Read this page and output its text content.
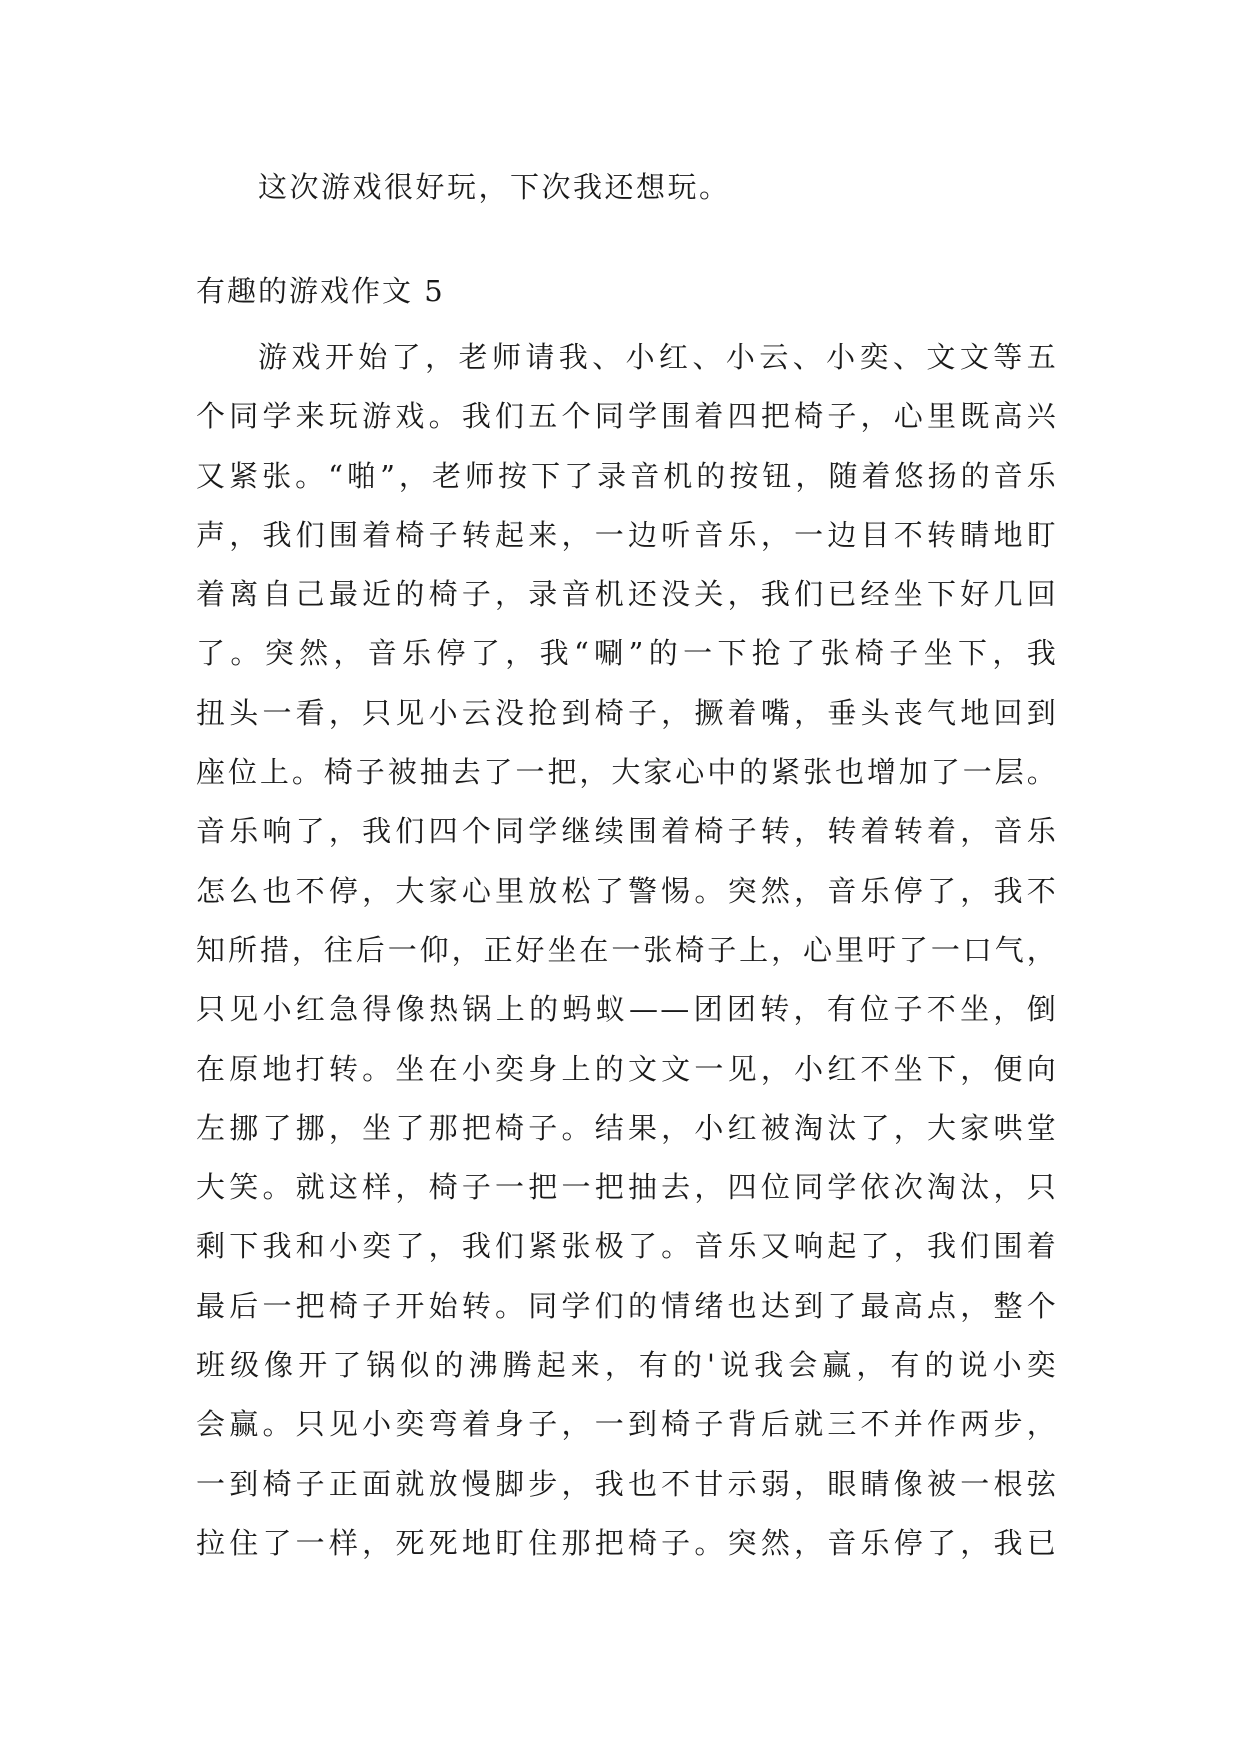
这次游戏很好玩，下次我还想玩。

有趣的游戏作文 5
游戏开始了，老师请我、小红、小云、小奕、文文等五
个同学来玩游戏。我们五个同学围着四把椅子，心里既高兴
又紧张。“啪”，老师按下了录音机的按钮，随着悠扬的音乐
声，我们围着椅子转起来，一边听音乐，一边目不转睛地盯
着离自己最近的椅子，录音机还没关，我们已经坐下好几回
了。突然，音乐停了，我“唰”的一下抢了张椅子坐下，我
扭头一看，只见小云没抢到椅子，撅着嘴，垂头丧气地回到
座位上。椅子被抽去了一把，大家心中的紧张也增加了一层。
音乐响了，我们四个同学继续围着椅子转，转着转着，音乐
怎么也不停，大家心里放松了警惕。突然，音乐停了，我不
知所措，往后一仰，正好坐在一张椅子上，心里吁了一口气，
只见小红急得像热锅上的蚂蚁——团团转，有位子不坐，倒
在原地打转。坐在小奕身上的文文一见，小红不坐下，便向
左挪了挪，坐了那把椅子。结果，小红被淘汰了，大家哄堂
大笑。就这样，椅子一把一把抽去，四位同学依次淘汰，只
剩下我和小奕了，我们紧张极了。音乐又响起了，我们围着
最后一把椅子开始转。同学们的情绪也达到了最高点，整个
班级像开了锅似的沸腾起来，有的'说我会赢，有的说小奕
会赢。只见小奕弯着身子，一到椅子背后就三不并作两步，
一到椅子正面就放慢脚步，我也不甘示弱，眼睛像被一根弦
拉住了一样，死死地盯住那把椅子。突然，音乐停了，我已
